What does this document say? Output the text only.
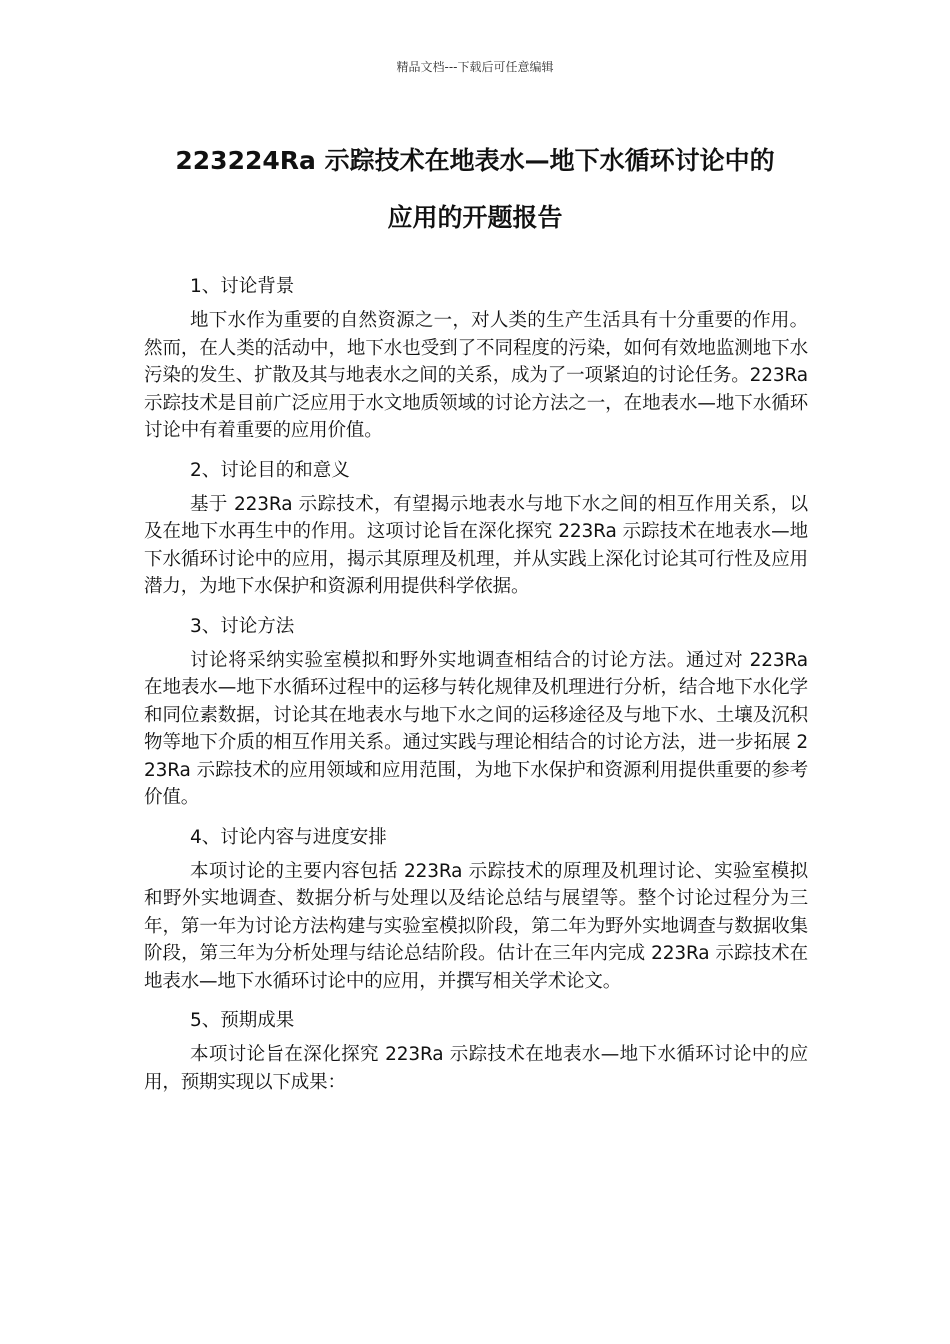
精品文档---下载后可任意编辑
223224Ra 示踪技术在地表水—地下水循环讨论中的
应用的开题报告
1、讨论背景

地下水作为重要的自然资源之一，对人类的生产生活具有十分重要的作用。然而，在人类的活动中，地下水也受到了不同程度的污染，如何有效地监测地下水污染的发生、扩散及其与地表水之间的关系，成为了一项紧迫的讨论任务。223Ra 示踪技术是目前广泛应用于水文地质领域的讨论方法之一，在地表水—地下水循环讨论中有着重要的应用价值。

2、讨论目的和意义

基于 223Ra 示踪技术，有望揭示地表水与地下水之间的相互作用关系，以及在地下水再生中的作用。这项讨论旨在深化探究 223Ra 示踪技术在地表水—地下水循环讨论中的应用，揭示其原理及机理，并从实践上深化讨论其可行性及应用潜力，为地下水保护和资源利用提供科学依据。

3、讨论方法

讨论将采纳实验室模拟和野外实地调查相结合的讨论方法。通过对 223Ra 在地表水—地下水循环过程中的运移与转化规律及机理进行分析，结合地下水化学和同位素数据，讨论其在地表水与地下水之间的运移途径及与地下水、土壤及沉积物等地下介质的相互作用关系。通过实践与理论相结合的讨论方法，进一步拓展 223Ra 示踪技术的应用领域和应用范围，为地下水保护和资源利用提供重要的参考价值。

4、讨论内容与进度安排

本项讨论的主要内容包括 223Ra 示踪技术的原理及机理讨论、实验室模拟和野外实地调查、数据分析与处理以及结论总结与展望等。整个讨论过程分为三年，第一年为讨论方法构建与实验室模拟阶段，第二年为野外实地调查与数据收集阶段，第三年为分析处理与结论总结阶段。估计在三年内完成 223Ra 示踪技术在地表水—地下水循环讨论中的应用，并撰写相关学术论文。

5、预期成果

本项讨论旨在深化探究 223Ra 示踪技术在地表水—地下水循环讨论中的应用，预期实现以下成果：
